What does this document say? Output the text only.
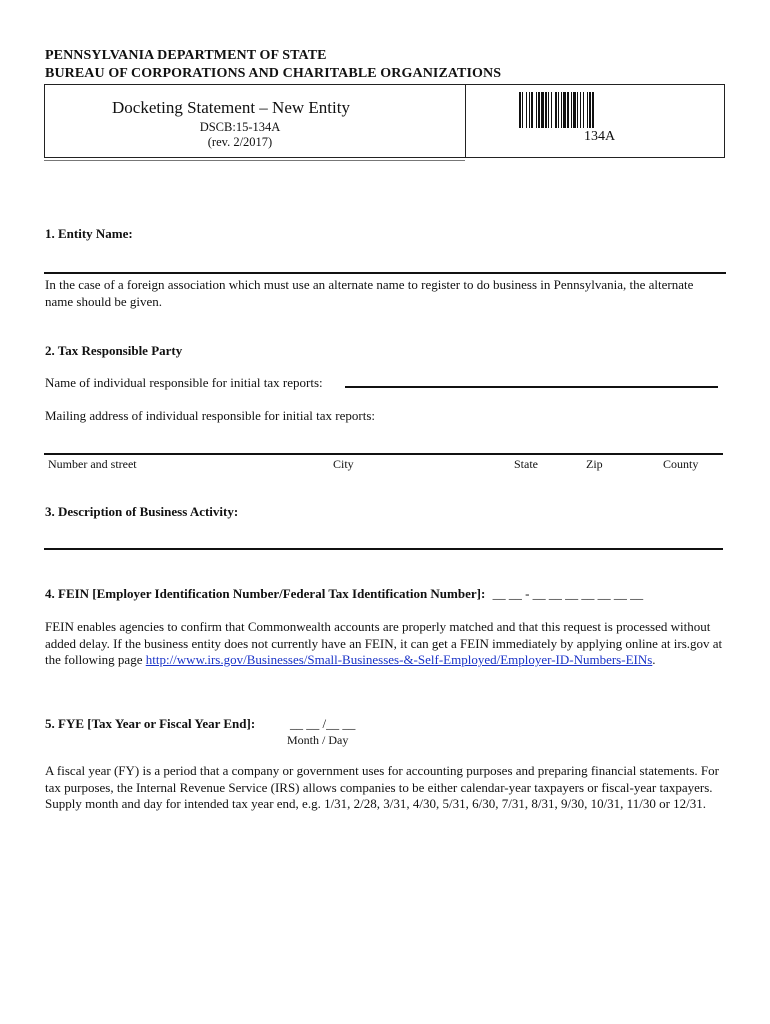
PENNSYLVANIA DEPARTMENT OF STATE
BUREAU OF CORPORATIONS AND CHARITABLE ORGANIZATIONS
Docketing Statement – New Entity
DSCB:15-134A
(rev. 2/2017)	134A
1. Entity Name:
In the case of a foreign association which must use an alternate name to register to do business in Pennsylvania, the alternate name should be given.
2. Tax Responsible Party
Name of individual responsible for initial tax reports:
Mailing address of individual responsible for initial tax reports:
Number and street	City	State	Zip	County
3. Description of Business Activity:
4. FEIN [Employer Identification Number/Federal Tax Identification Number]: __ __ - __ __ __ __ __ __ __
FEIN enables agencies to confirm that Commonwealth accounts are properly matched and that this request is processed without added delay. If the business entity does not currently have an FEIN, it can get a FEIN immediately by applying online at irs.gov at the following page http://www.irs.gov/Businesses/Small-Businesses-&-Self-Employed/Employer-ID-Numbers-EINs.
5. FYE [Tax Year or Fiscal Year End]:	__ __ /__ __
Month / Day
A fiscal year (FY) is a period that a company or government uses for accounting purposes and preparing financial statements. For tax purposes, the Internal Revenue Service (IRS) allows companies to be either calendar-year taxpayers or fiscal-year taxpayers. Supply month and day for intended tax year end, e.g. 1/31, 2/28, 3/31, 4/30, 5/31, 6/30, 7/31, 8/31, 9/30, 10/31, 11/30 or 12/31.
